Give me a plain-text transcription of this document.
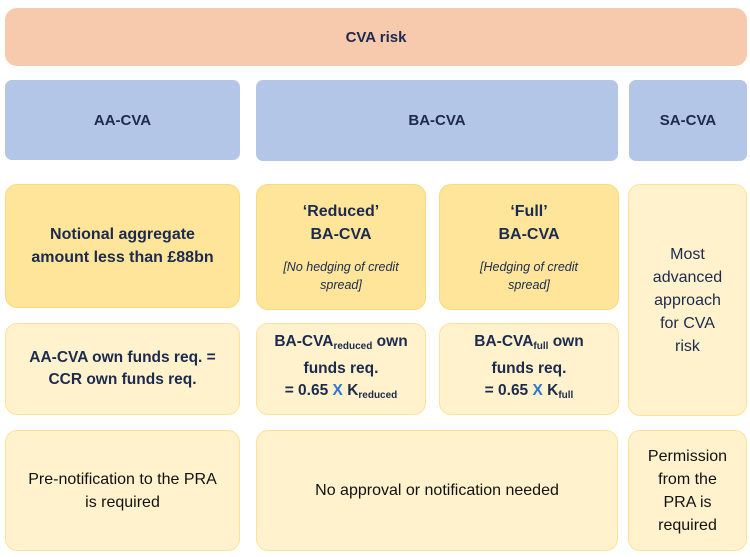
CVA risk
AA-CVA	BA-CVA	SA-CVA
Notional aggregate amount less than £88bn
‘Reduced’
BA-CVA
[No hedging of credit
spread]
‘Full’
BA-CVA
[Hedging of credit
spread]
Most
advanced
approach
for CVA
risk
AA-CVA own funds req. =
CCR own funds req.
$BA-CVA_{reduced}$ own
funds req.
= 0.65 X $K_{reduced}$
$BA-CVA_{full}$ own
funds req.
= 0.65 X $K_{full}$
Pre-notification to the PRA
is required
No approval or notification needed
Permission
from the
PRA is
required
